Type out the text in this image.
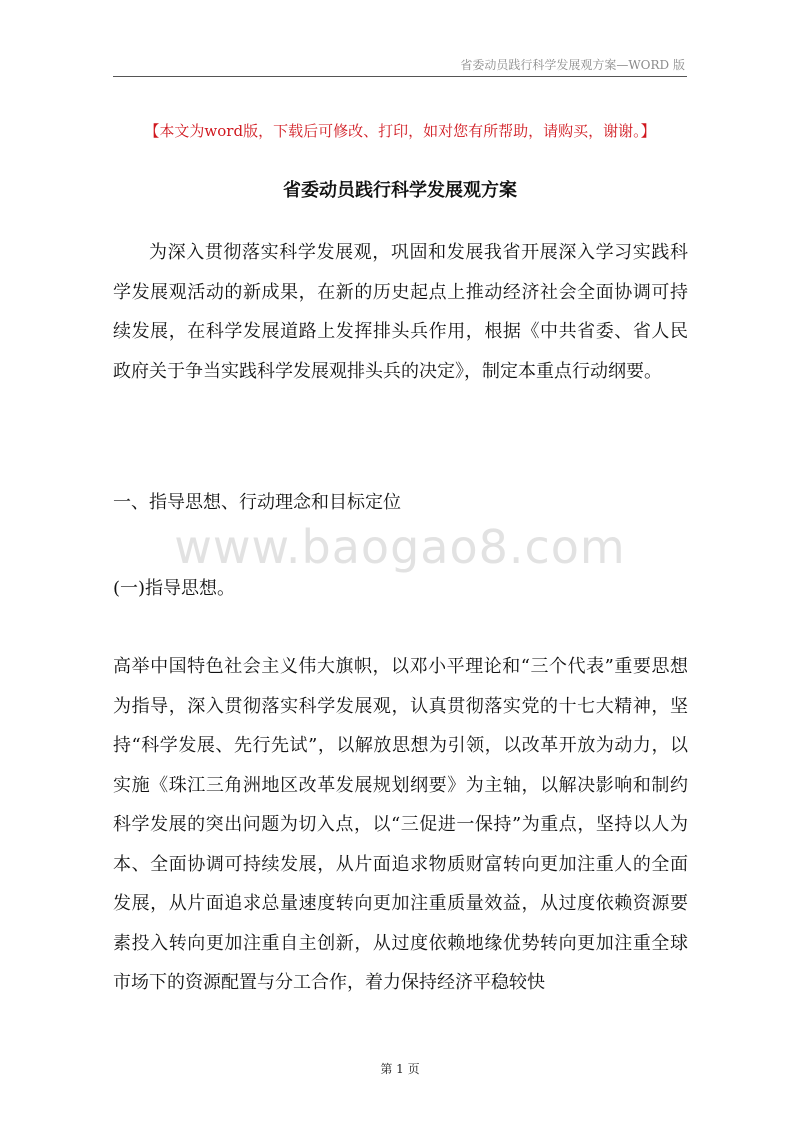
省委动员践行科学发展观方案—WORD 版
【本文为word版，下载后可修改、打印，如对您有所帮助，请购买，谢谢。】
省委动员践行科学发展观方案

为深入贯彻落实科学发展观，巩固和发展我省开展深入学习实践科学发展观活动的新成果，在新的历史起点上推动经济社会全面协调可持续发展，在科学发展道路上发挥排头兵作用，根据《中共省委、省人民政府关于争当实践科学发展观排头兵的决定》，制定本重点行动纲要。

一、指导思想、行动理念和目标定位

www.baogao8.com

(一)指导思想。

高举中国特色社会主义伟大旗帜，以邓小平理论和“三个代表”重要思想为指导，深入贯彻落实科学发展观，认真贯彻落实党的十七大精神，坚持“科学发展、先行先试”，以解放思想为引领，以改革开放为动力，以实施《珠江三角洲地区改革发展规划纲要》为主轴，以解决影响和制约科学发展的突出问题为切入点，以“三促进一保持”为重点，坚持以人为本、全面协调可持续发展，从片面追求物质财富转向更加注重人的全面发展，从片面追求总量速度转向更加注重质量效益，从过度依赖资源要素投入转向更加注重自主创新，从过度依赖地缘优势转向更加注重全球市场下的资源配置与分工合作，着力保持经济平稳较快

第 1 页
